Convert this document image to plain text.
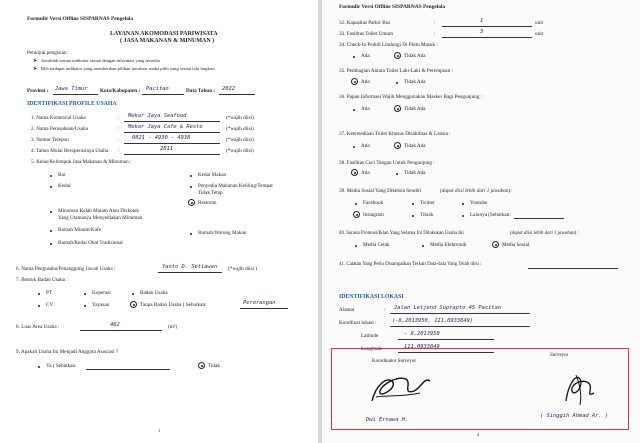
Formulir Versi Offline SISPARNAS Pengelola
LAYANAN AKOMODASI PARIWISATA
( JASA MAKANAN & MINUMAN )
Petunjuk pengisian :
➤ Jawablah semua indikator sesuai dengan informasi yang tersedia
➤ Bila terdapat indikator yang memberikan pilihan jawaban, maka pilih yang sesuai lalu lingkari
Provinsi : Jawa Timur Kota/Kabupaten : Pacitan	Data Tahun : 2022
IDENTIFIKASI PROFILE USAHA
1. Nama Komersial Usaha	: Mekar Jaya Seafood	(*wajib diisi)
2. Nama Perusahaan/Usaha	: Mekar Jaya Cafe & Resto	(*wajib diisi)
3. Nomor Telepon	: 0821 - 4930 - 4938	(*wajib diisi)
4. Tahun Mulai Beroperasinya Usaha :	2011	(*wajib diisi)
5. Kelas/Kelompok Jasa Makanan & Minuman :
Bar
Kedai
Kedai Makan
Penyedia Makanan Keliling/Tempat
Tidak Tetap
Restoran
Minuman Kelab Malam Atau Diskotek
Yang Utamanya Menyediakan Minuman
Rumah Minum/Kafe	Rumah/Warung Makan
Rumah/Kedai Obat Tradisional
6. Nama Pengusaha/Penanggung Jawab Usaha :	Yanto D. Setiawan (*wajib diisi )
7. Bentuk Badan Usaha :
PT	Koperasi	Badan Usaha
CV	Yayasan	Tanpa Badan Usaha ( Sebutkan:	Perorangan
8. Luas Area Usaha :	462	(m²)
9. Apakah Usaha Ini Menjadi Anggota Asosiasi ?
Ya ( Sebutkan:	Tidak
1
Formulir Versi Offline SISPARNAS Pengelola
32. Kapasitas Parkir Bus	:	1	unit
33. Fasilitas Toilet Umum	:	3	unit
34. Check-In Peduli Lindungi Di Pintu Masuk :
Ada	Tidak Ada
35. Pembagian Antara Toilet Laki-Laki & Perempuan :
Ada	Tidak Ada
36. Papan Informasi Wajib Menggunakan Masker Bagi Pengunjung :
Ada	Tidak Ada
37. Ketersediaan Toilet Khusus Disabilitas & Lansia :
Ada	Tidak Ada
38. Fasilitas Cuci Tangan Untuk Pengunjung :
Ada	Tidak Ada
39. Media Sosial Yang Dikelola Sendiri	(dapat diisi lebih dari 1 jawaban):
Facebook	Twitter	Youtube
Instagram	Tiktok	Lainnya (Sebutkan:
40. Sarana Promosi/Iklan Yang Selama Ini Dilakukan Usaha Ini	(dapat diisi lebih dari 1 jawaban) :
Media Cetak	Media Elektronik	Media Sosial
41. Catatan Yang Perlu Disampaikan Terkait Data-data Yang Telah diisi :
IDENTIFIKASI LOKASI
Alamat	: Jalan Letjend Suprapto 45 Pacitan
Koordinat lokasi :	(-8,2013950, 111,0933849)
Latitude	- 8,2013950
Longitude	111,0933849
4
Koordinator Surveyor
Surveyor
Dwi Ernawa H.
( Singgih Ahmad Ar. )
